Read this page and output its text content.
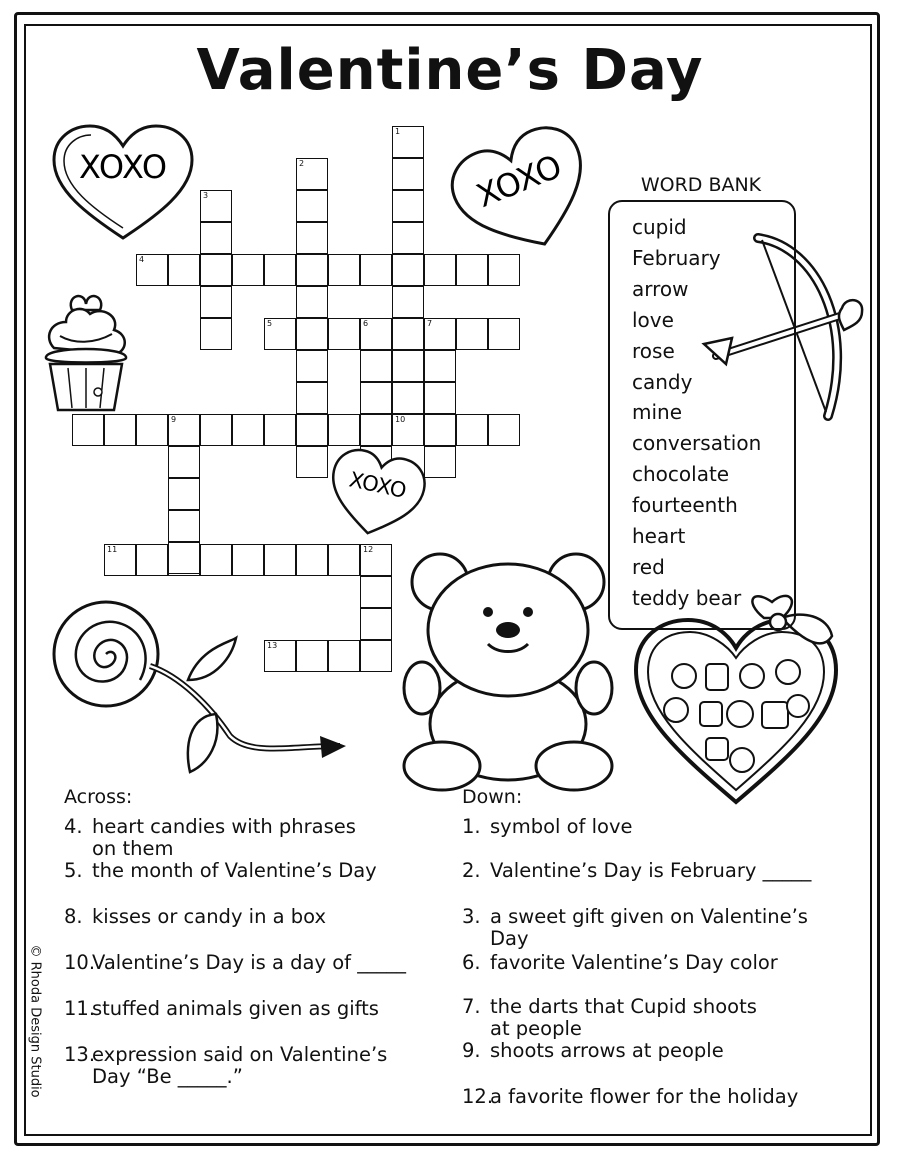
Valentine’s Day
4
5	6	7
9	10
11	12
13
1
2
3
XOXO	XOXO
XOXO
WORD BANK
cupid
February
arrow
love
rose
candy
mine
conversation
chocolate
fourteenth
heart
red
teddy bear
Across:
4. heart candies with phrases
on them
5. the month of Valentine’s Day
8. kisses or candy in a box
10.
Valentine’s Day is a day of _____
11.
stuffed animals given as gifts
13.
expression said on Valentine’s
Day “Be _____.”
Down:
1. symbol of love
2. Valentine’s Day is February _____
3. a sweet gift given on Valentine’s
Day
6. favorite Valentine’s Day color
7. the darts that Cupid shoots
at people
9. shoots arrows at people
12.
a favorite flower for the holiday
© Rhoda Design Studio
